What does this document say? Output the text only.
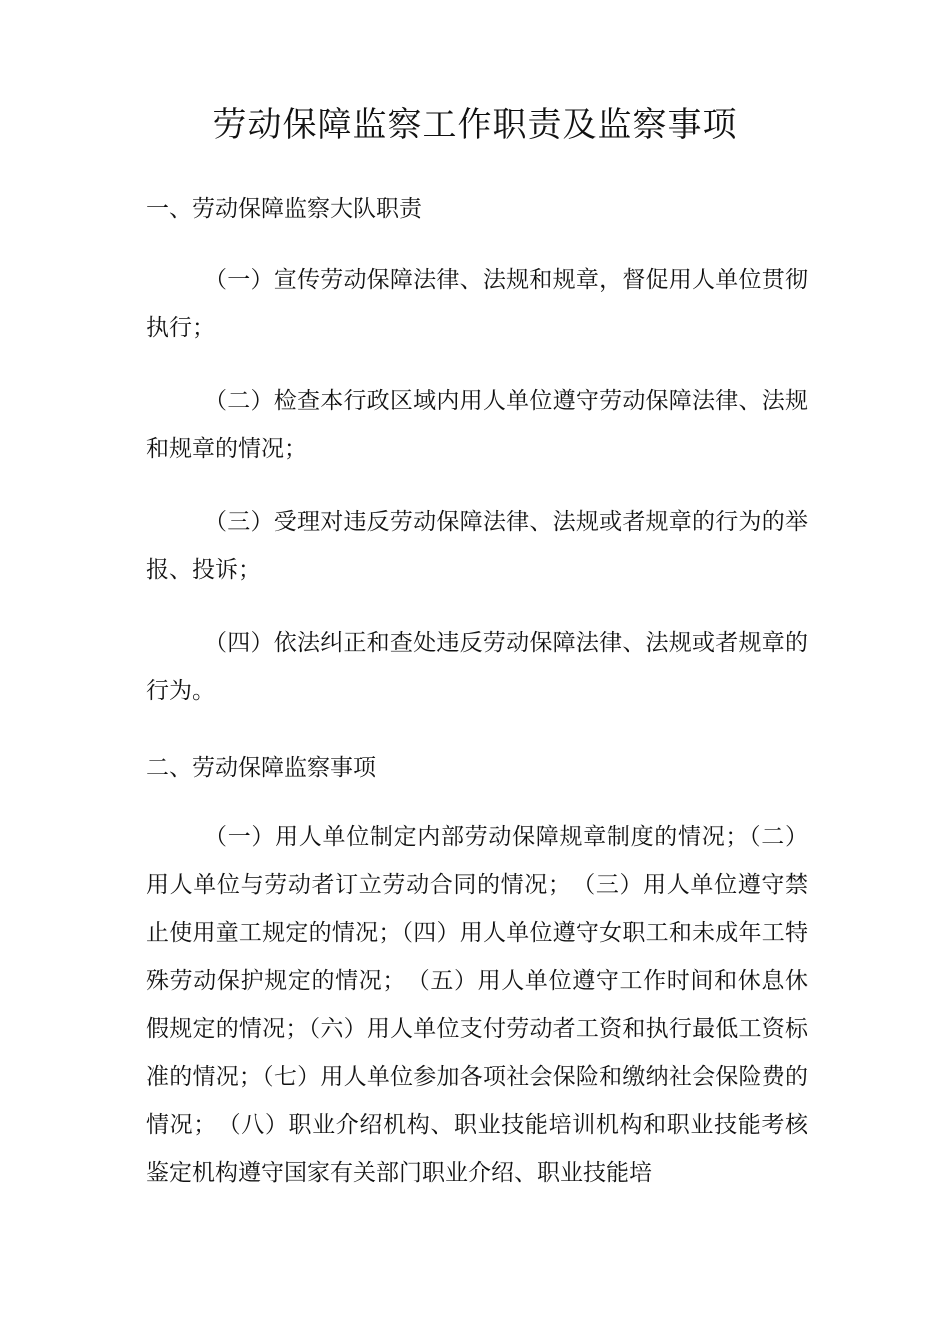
劳动保障监察工作职责及监察事项
一、劳动保障监察大队职责
（一）宣传劳动保障法律、法规和规章，督促用人单位贯彻执行；
（二）检查本行政区域内用人单位遵守劳动保障法律、法规和规章的情况；
（三）受理对违反劳动保障法律、法规或者规章的行为的举报、投诉；
（四）依法纠正和查处违反劳动保障法律、法规或者规章的行为。
二、劳动保障监察事项
（一）用人单位制定内部劳动保障规章制度的情况；（二）用人单位与劳动者订立劳动合同的情况；　（三）用人单位遵守禁止使用童工规定的情况；（四）用人单位遵守女职工和未成年工特殊劳动保护规定的情况；　（五）用人单位遵守工作时间和休息休假规定的情况；（六）用人单位支付劳动者工资和执行最低工资标准的情况；（七）用人单位参加各项社会保险和缴纳社会保险费的情况；　（八）职业介绍机构、职业技能培训机构和职业技能考核鉴定机构遵守国家有关部门职业介绍、职业技能培
